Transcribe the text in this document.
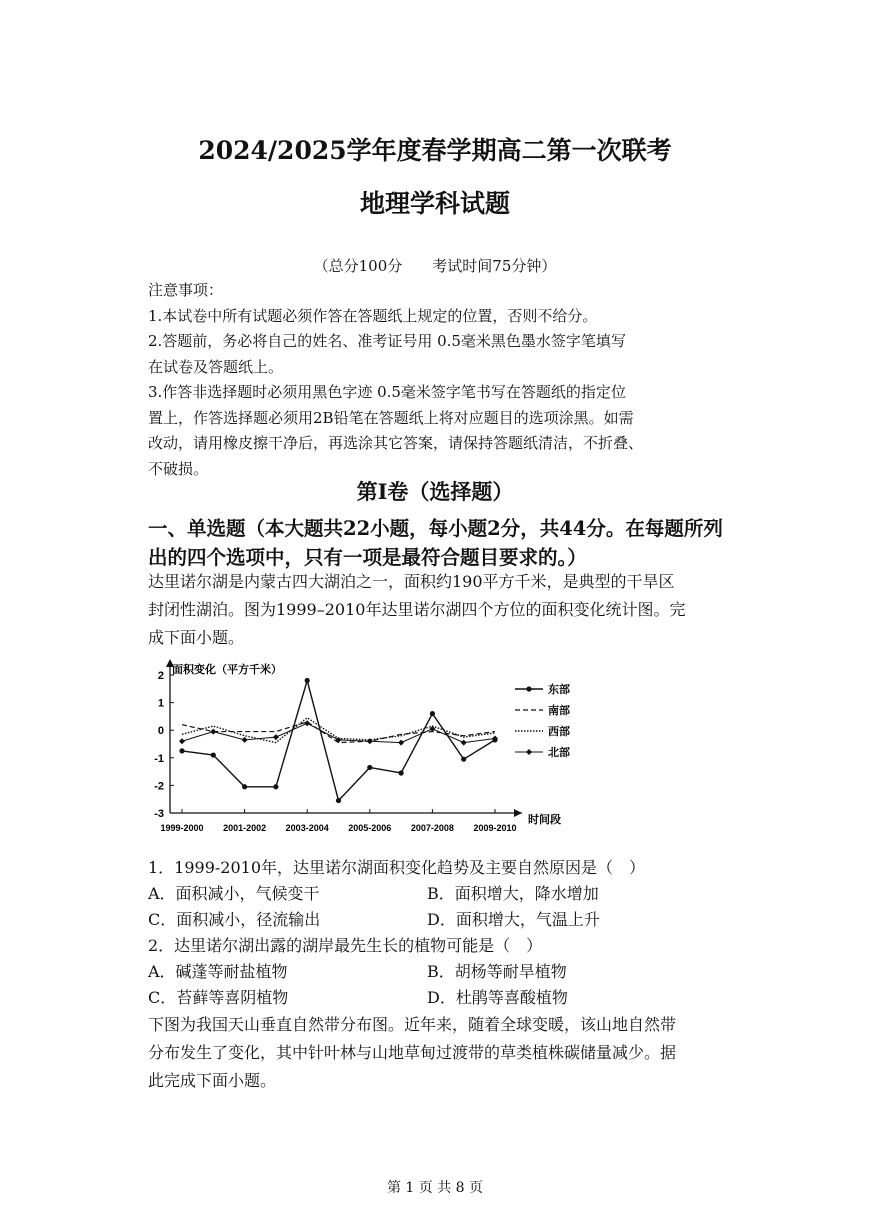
2024/2025学年度春学期高二第一次联考
地理学科试题
（总分100分　　考试时间75分钟）

注意事项：

1.本试卷中所有试题必须作答在答题纸上规定的位置，否则不给分。

2.答题前，务必将自己的姓名、准考证号用 0.5毫米黑色墨水签字笔填写

在试卷及答题纸上。

3.作答非选择题时必须用黑色字迹 0.5毫米签字笔书写在答题纸的指定位

置上，作答选择题必须用2B铅笔在答题纸上将对应题目的选项涂黑。如需

改动，请用橡皮擦干净后，再选涂其它答案，请保持答题纸清洁，不折叠、

不破损。

第Ⅰ卷（选择题）
一、单选题（本大题共22小题，每小题2分，共44分。在每题所列出的四个选项中，只有一项是最符合题目要求的。）
达里诺尔湖是内蒙古四大湖泊之一，面积约190平方千米，是典型的干旱区
封闭性湖泊。图为1999–2010年达里诺尔湖四个方位的面积变化统计图。完
成下面小题。
2
1
0
-1
-2
-3
1999-2000 2001-2002 2003-2004 2005-2006 2007-2008 2009-2010
东部
南部
西部
北部
面积变化（平方千米）
时间段
1．1999-2010年，达里诺尔湖面积变化趋势及主要自然原因是（　）
A．面积减小，气候变干	B．面积增大，降水增加
C．面积减小，径流输出	D．面积增大，气温上升
2．达里诺尔湖出露的湖岸最先生长的植物可能是（　）
A．碱蓬等耐盐植物	B．胡杨等耐旱植物
C．苔藓等喜阴植物	D．杜鹃等喜酸植物
下图为我国天山垂直自然带分布图。近年来，随着全球变暖，该山地自然带
分布发生了变化，其中针叶林与山地草甸过渡带的草类植株碳储量减少。据
此完成下面小题。
第 1 页 共 8 页
